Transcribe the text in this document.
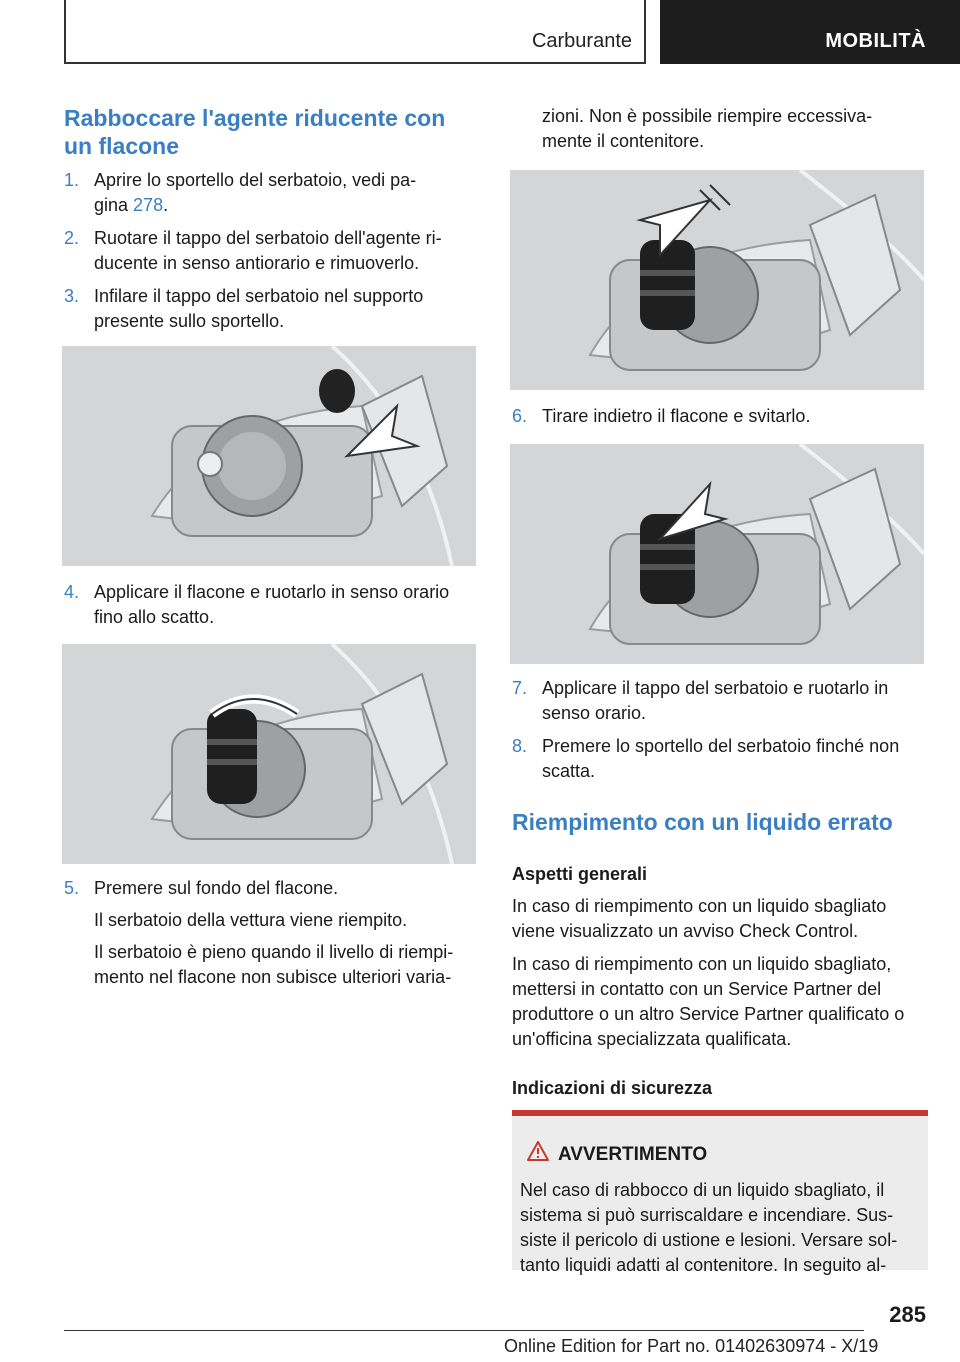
Carburante	MOBILITÀ
Rabboccare l'agente riducente con
un flacone
1. Aprire lo sportello del serbatoio, vedi pa-
gina 278.
2. Ruotare il tappo del serbatoio dell'agente ri-
ducente in senso antiorario e rimuoverlo.
3. Infilare il tappo del serbatoio nel supporto
presente sullo sportello.
4. Applicare il flacone e ruotarlo in senso orario
fino allo scatto.
5. Premere sul fondo del flacone.
Il serbatoio della vettura viene riempito.
Il serbatoio è pieno quando il livello di riempi-
mento nel flacone non subisce ulteriori varia-
zioni. Non è possibile riempire eccessiva-
mente il contenitore.
6. Tirare indietro il flacone e svitarlo.
7. Applicare il tappo del serbatoio e ruotarlo in
senso orario.
8. Premere lo sportello del serbatoio finché non
scatta.
Riempimento con un liquido errato
Aspetti generali
In caso di riempimento con un liquido sbagliato
viene visualizzato un avviso Check Control.
In caso di riempimento con un liquido sbagliato,
mettersi in contatto con un Service Partner del
produttore o un altro Service Partner qualificato o
un'officina specializzata qualificata.
Indicazioni di sicurezza
AVVERTIMENTO
Nel caso di rabbocco di un liquido sbagliato, il
sistema si può surriscaldare e incendiare. Sus-
siste il pericolo di ustione e lesioni. Versare sol-
tanto liquidi adatti al contenitore. In seguito al-
285
Online Edition for Part no. 01402630974 - X/19
